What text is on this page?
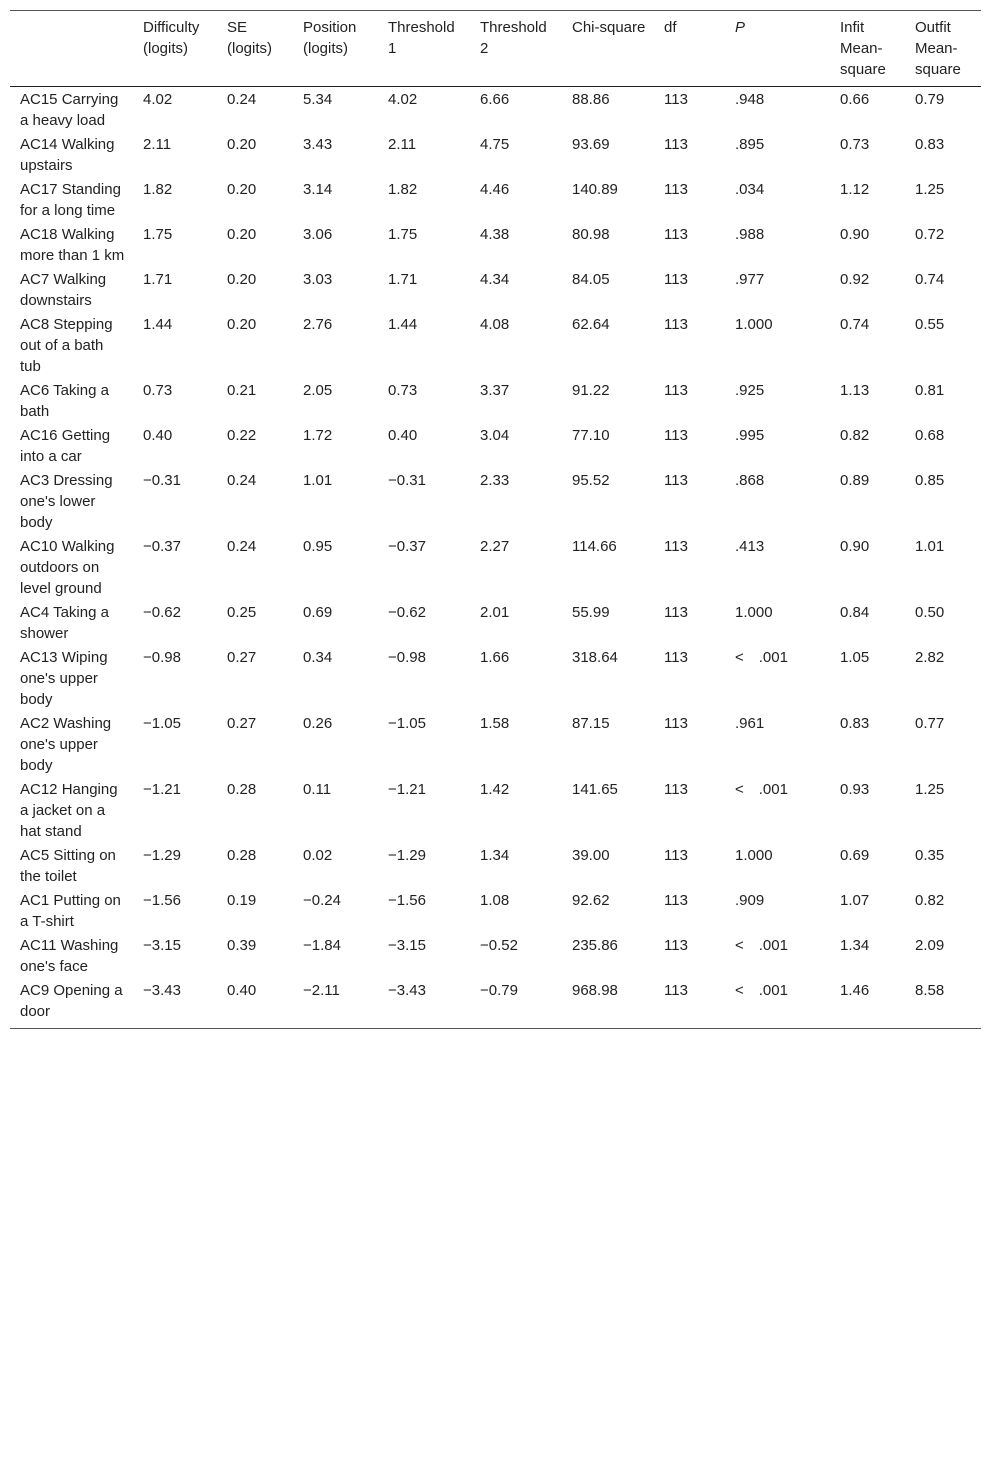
	Difficulty (logits)	SE (logits)	Position (logits)	Threshold 1	Threshold 2	Chi-square	df	P	Infit Mean-square	Outfit Mean-square
AC15 Carrying a heavy load	4.02	0.24	5.34	4.02	6.66	88.86	113	.948	0.66	0.79
AC14 Walking upstairs	2.11	0.20	3.43	2.11	4.75	93.69	113	.895	0.73	0.83
AC17 Standing for a long time	1.82	0.20	3.14	1.82	4.46	140.89	113	.034	1.12	1.25
AC18 Walking more than 1 km	1.75	0.20	3.06	1.75	4.38	80.98	113	.988	0.90	0.72
AC7 Walking downstairs	1.71	0.20	3.03	1.71	4.34	84.05	113	.977	0.92	0.74
AC8 Stepping out of a bath tub	1.44	0.20	2.76	1.44	4.08	62.64	113	1.000	0.74	0.55
AC6 Taking a bath	0.73	0.21	2.05	0.73	3.37	91.22	113	.925	1.13	0.81
AC16 Getting into a car	0.40	0.22	1.72	0.40	3.04	77.10	113	.995	0.82	0.68
AC3 Dressing one's lower body	−0.31	0.24	1.01	−0.31	2.33	95.52	113	.868	0.89	0.85
AC10 Walking outdoors on level ground	−0.37	0.24	0.95	−0.37	2.27	114.66	113	.413	0.90	1.01
AC4 Taking a shower	−0.62	0.25	0.69	−0.62	2.01	55.99	113	1.000	0.84	0.50
AC13 Wiping one's upper body	−0.98	0.27	0.34	−0.98	1.66	318.64	113	< .001	1.05	2.82
AC2 Washing one's upper body	−1.05	0.27	0.26	−1.05	1.58	87.15	113	.961	0.83	0.77
AC12 Hanging a jacket on a hat stand	−1.21	0.28	0.11	−1.21	1.42	141.65	113	< .001	0.93	1.25
AC5 Sitting on the toilet	−1.29	0.28	0.02	−1.29	1.34	39.00	113	1.000	0.69	0.35
AC1 Putting on a T-shirt	−1.56	0.19	−0.24	−1.56	1.08	92.62	113	.909	1.07	0.82
AC11 Washing one's face	−3.15	0.39	−1.84	−3.15	−0.52	235.86	113	< .001	1.34	2.09
AC9 Opening a door	−3.43	0.40	−2.11	−3.43	−0.79	968.98	113	< .001	1.46	8.58
